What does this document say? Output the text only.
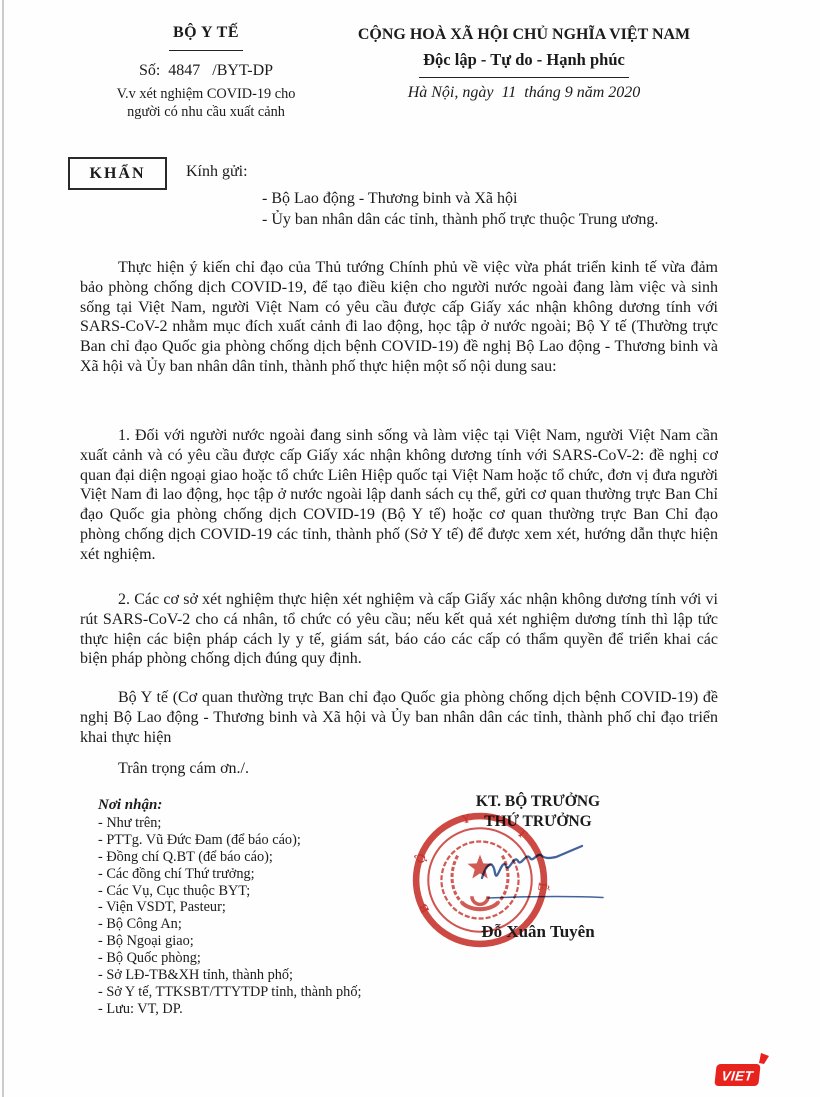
BỘ Y TẾ
Số:  4847   /BYT-DP
V.v xét nghiệm COVID-19 cho
người có nhu cầu xuất cảnh
CỘNG HOÀ XÃ HỘI CHỦ NGHĨA VIỆT NAM
Độc lập - Tự do - Hạnh phúc
Hà Nội, ngày  11  tháng 9 năm 2020
KHẨN	Kính gửi:
- Bộ Lao động - Thương binh và Xã hội
- Ủy ban nhân dân các tỉnh, thành phố trực thuộc Trung ương.
Thực hiện ý kiến chỉ đạo của Thủ tướng Chính phủ về việc vừa phát triển kinh tế vừa đảm bảo phòng chống dịch COVID-19, để tạo điều kiện cho người nước ngoài đang làm việc và sinh sống tại Việt Nam, người Việt Nam có yêu cầu được cấp Giấy xác nhận không dương tính với SARS-CoV-2 nhằm mục đích xuất cảnh đi lao động, học tập ở nước ngoài; Bộ Y tế (Thường trực Ban chỉ đạo Quốc gia phòng chống dịch bệnh COVID-19) đề nghị Bộ Lao động - Thương binh và Xã hội và Ủy ban nhân dân tỉnh, thành phố thực hiện một số nội dung sau:
1. Đối với người nước ngoài đang sinh sống và làm việc tại Việt Nam, người Việt Nam cần xuất cảnh và có yêu cầu được cấp Giấy xác nhận không dương tính với SARS-CoV-2: đề nghị cơ quan đại diện ngoại giao hoặc tổ chức Liên Hiệp quốc tại Việt Nam hoặc tổ chức, đơn vị đưa người Việt Nam đi lao động, học tập ở nước ngoài lập danh sách cụ thể, gửi cơ quan thường trực Ban Chỉ đạo Quốc gia phòng chống dịch COVID-19 (Bộ Y tế) hoặc cơ quan thường trực Ban Chỉ đạo phòng chống dịch COVID-19 các tỉnh, thành phố (Sở Y tế) để được xem xét, hướng dẫn thực hiện xét nghiệm.
2. Các cơ sở xét nghiệm thực hiện xét nghiệm và cấp Giấy xác nhận không dương tính với vi rút SARS-CoV-2 cho cá nhân, tổ chức có yêu cầu; nếu kết quả xét nghiệm dương tính thì lập tức thực hiện các biện pháp cách ly y tế, giám sát, báo cáo các cấp có thẩm quyền để triển khai các biện pháp phòng chống dịch đúng quy định.
Bộ Y tế (Cơ quan thường trực Ban chỉ đạo Quốc gia phòng chống dịch bệnh COVID-19) đề nghị Bộ Lao động - Thương binh và Xã hội và Ủy ban nhân dân các tỉnh, thành phố chỉ đạo triển khai thực hiện
Trân trọng cám ơn./.
Nơi nhận:
- Như trên;
- PTTg. Vũ Đức Đam (để báo cáo);
- Đồng chí Q.BT (để báo cáo);
- Các đồng chí Thứ trưởng;
- Các Vụ, Cục thuộc BYT;
- Viện VSDT, Pasteur;
- Bộ Công An;
- Bộ Ngoại giao;
- Bộ Quốc phòng;
- Sở LĐ-TB&XH tỉnh, thành phố;
- Sở Y tế, TTKSBT/TTYTDP tỉnh, thành phố;
- Lưu: VT, DP.
KT. BỘ TRƯỞNG
THỨ TRƯỞNG
B
Ộ
Y
T
Ế
Đỗ Xuân Tuyên
VIET
